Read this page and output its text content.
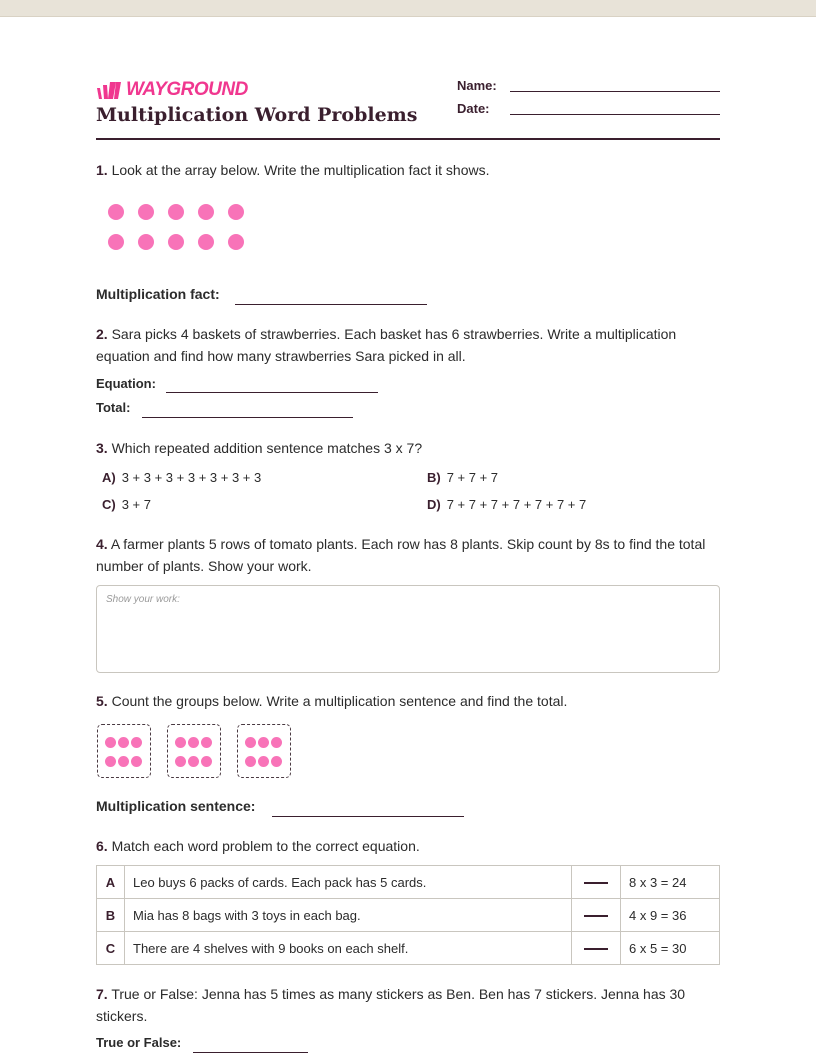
WAYGROUND
Multiplication Word Problems
Name:
Date:
1. Look at the array below. Write the multiplication fact it shows.
Multiplication fact:
2. Sara picks 4 baskets of strawberries. Each basket has 6 strawberries. Write a multiplication equation and find how many strawberries Sara picked in all.
Equation:
Total:
3. Which repeated addition sentence matches 3 x 7?
A) 3 + 3 + 3 + 3 + 3 + 3 + 3	B) 7 + 7 + 7
C) 3 + 7	D) 7 + 7 + 7 + 7 + 7 + 7 + 7
4. A farmer plants 5 rows of tomato plants. Each row has 8 plants. Skip count by 8s to find the total number of plants. Show your work.
Show your work:
5. Count the groups below. Write a multiplication sentence and find the total.
Multiplication sentence:
6. Match each word problem to the correct equation.
A	Leo buys 6 packs of cards. Each pack has 5 cards.		8 x 3 = 24
B	Mia has 8 bags with 3 toys in each bag.		4 x 9 = 36
C	There are 4 shelves with 9 books on each shelf.		6 x 5 = 30
7. True or False: Jenna has 5 times as many stickers as Ben. Ben has 7 stickers. Jenna has 30 stickers.
True or False:
